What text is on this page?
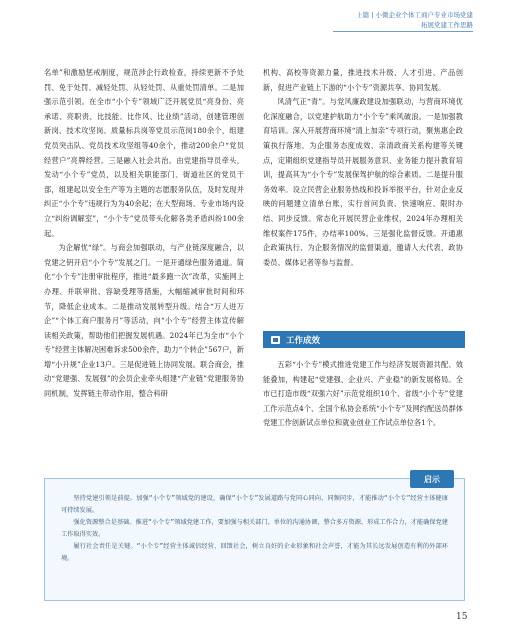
上篇 | 小微企业个体工商户专业市场党建
拓展党建工作思路

名单”和激励惩戒制度，规范涉企行政检查，持续更新不予处罚、免于处罚、减轻处罚、从轻处罚、从重处罚清单。二是加强示范引领。在全市“小个专”领域广泛开展党员“亮身份、亮承诺、亮职责、比技能、比作风、比业绩”活动，创建管理创新岗、技术攻坚岗、质量标兵岗等党员示范岗180余个，组建党员突击队、党员技术攻坚组等40余个，推动200余户“党员经营户”亮牌经营。三是融入社会共治。由党建指导员牵头，发动“小个专”党员，以及相关职能部门、街道社区的党员干部，组建起以安全生产等为主题的志愿服务队伍，及时发现并纠正“小个专”违规行为为40余起；在大型商场、专业市场内设立“纠纷调解室”，“小个专”党员带头化解各类矛盾纠纷100余起。

为企解忧“绿”。与商会加强联动，与产业链深度融合，以党建之钥开启“小个专”发展之门。一是开通绿色服务通道。简化“小个专”注册审批程序，推进“最多跑一次”改革，实施网上办理、并联审批、容缺受理等措施，大幅缩减审批时间和环节，降低企业成本。二是推动发展转型升级。结合“万人进万企”“个体工商户服务月”等活动，向“小个专”经营主体宣传解读相关政策，帮助他们把握发展机遇。2024年已为全市“小个专”经营主体解决困难诉求500余件，助力“个转企”567户，新增“小升规”企业13户。三是促进链上协同发展。联合商会，推动“党建强、发展强”的会员企业牵头组建“产业链”党建服务协同机制，发挥链主带动作用，整合科研

机构、高校等资源力量，推进技术升级、人才引进、产品创新，促进产业链上下游的“小个专”资源共享、协同发展。

风清气正“青”。与党风廉政建设加强联动，与营商环境优化深度融合，以党建护航助力“小个专”乘风破浪。一是加强教育培训。深入开展营商环境“清上加亲”专项行动，聚焦惠企政策执行落地、为企服务态度成效、亲清政商关系构建等关键点，定期组织党建指导员开展服务意识、业务能力提升教育培训，提高其为“小个专”发展保驾护航的综合素质。二是提升服务效率。设立民营企业服务热线和投诉举报平台，针对企业反映的问题建立清单台账，实行首问负责、快速响应、限时办结、同步反馈。常态化开展民营企业维权，2024年办理相关维权案件175件，办结率100%。三是强化监督反馈。开通惠企政策执行、为企服务情况的监督渠道，邀请人大代表、政协委员、媒体记者等参与监督。

工作成效

五彩“小个专”模式推进党建工作与经济发展资源共配、效能叠加，构建起“党建强、企业兴、产业稳”的新发展格局。全市已打造市级“双强六好”示范党组织10个、省级“小个专”党建工作示范点4个、全国个私协会系统“小个专”及网约配送员群体党建工作创新试点单位和就业创业工作试点单位各1个。

启示

坚持党建引领是前提。加强“小个专”领域党的建设，确保“小个专”发展道路与党同心同向、同频同步，才能推动“小个专”经营主体健康可持续发展。

强化资源整合是基础。推进“小个专”领域党建工作，要加强与相关部门、单位的沟通协调，整合多方资源、形成工作合力，才能确保党建工作取得实效。

履行社会责任是关键。“小个专”经营主体诚信经营、回馈社会，树立良好的企业形象和社会声誉，才能为其长远发展创造有利的外部环境。

15
